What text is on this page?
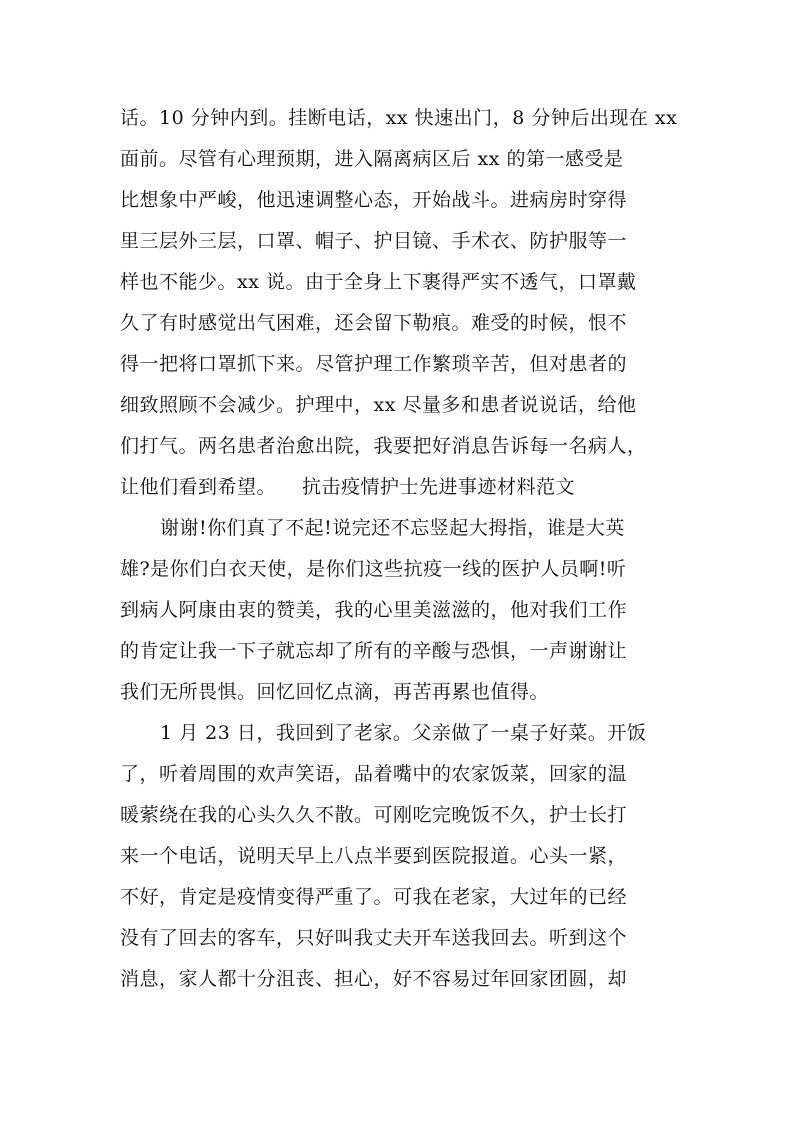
话。10 分钟内到。挂断电话，xx 快速出门，8 分钟后出现在 xx
面前。尽管有心理预期，进入隔离病区后 xx 的第一感受是
比想象中严峻，他迅速调整心态，开始战斗。进病房时穿得
里三层外三层，口罩、帽子、护目镜、手术衣、防护服等一
样也不能少。xx 说。由于全身上下裹得严实不透气，口罩戴
久了有时感觉出气困难，还会留下勒痕。难受的时候，恨不
得一把将口罩抓下来。尽管护理工作繁琐辛苦，但对患者的
细致照顾不会减少。护理中，xx 尽量多和患者说说话，给他
们打气。两名患者治愈出院，我要把好消息告诉每一名病人，
让他们看到希望。 抗击疫情护士先进事迹材料范文
谢谢!你们真了不起!说完还不忘竖起大拇指，谁是大英
雄?是你们白衣天使，是你们这些抗疫一线的医护人员啊!听
到病人阿康由衷的赞美，我的心里美滋滋的，他对我们工作
的肯定让我一下子就忘却了所有的辛酸与恐惧，一声谢谢让
我们无所畏惧。回忆回忆点滴，再苦再累也值得。
1 月 23 日，我回到了老家。父亲做了一桌子好菜。开饭
了，听着周围的欢声笑语，品着嘴中的农家饭菜，回家的温
暖萦绕在我的心头久久不散。可刚吃完晚饭不久，护士长打
来一个电话，说明天早上八点半要到医院报道。心头一紧，
不好，肯定是疫情变得严重了。可我在老家，大过年的已经
没有了回去的客车，只好叫我丈夫开车送我回去。听到这个
消息，家人都十分沮丧、担心，好不容易过年回家团圆，却
